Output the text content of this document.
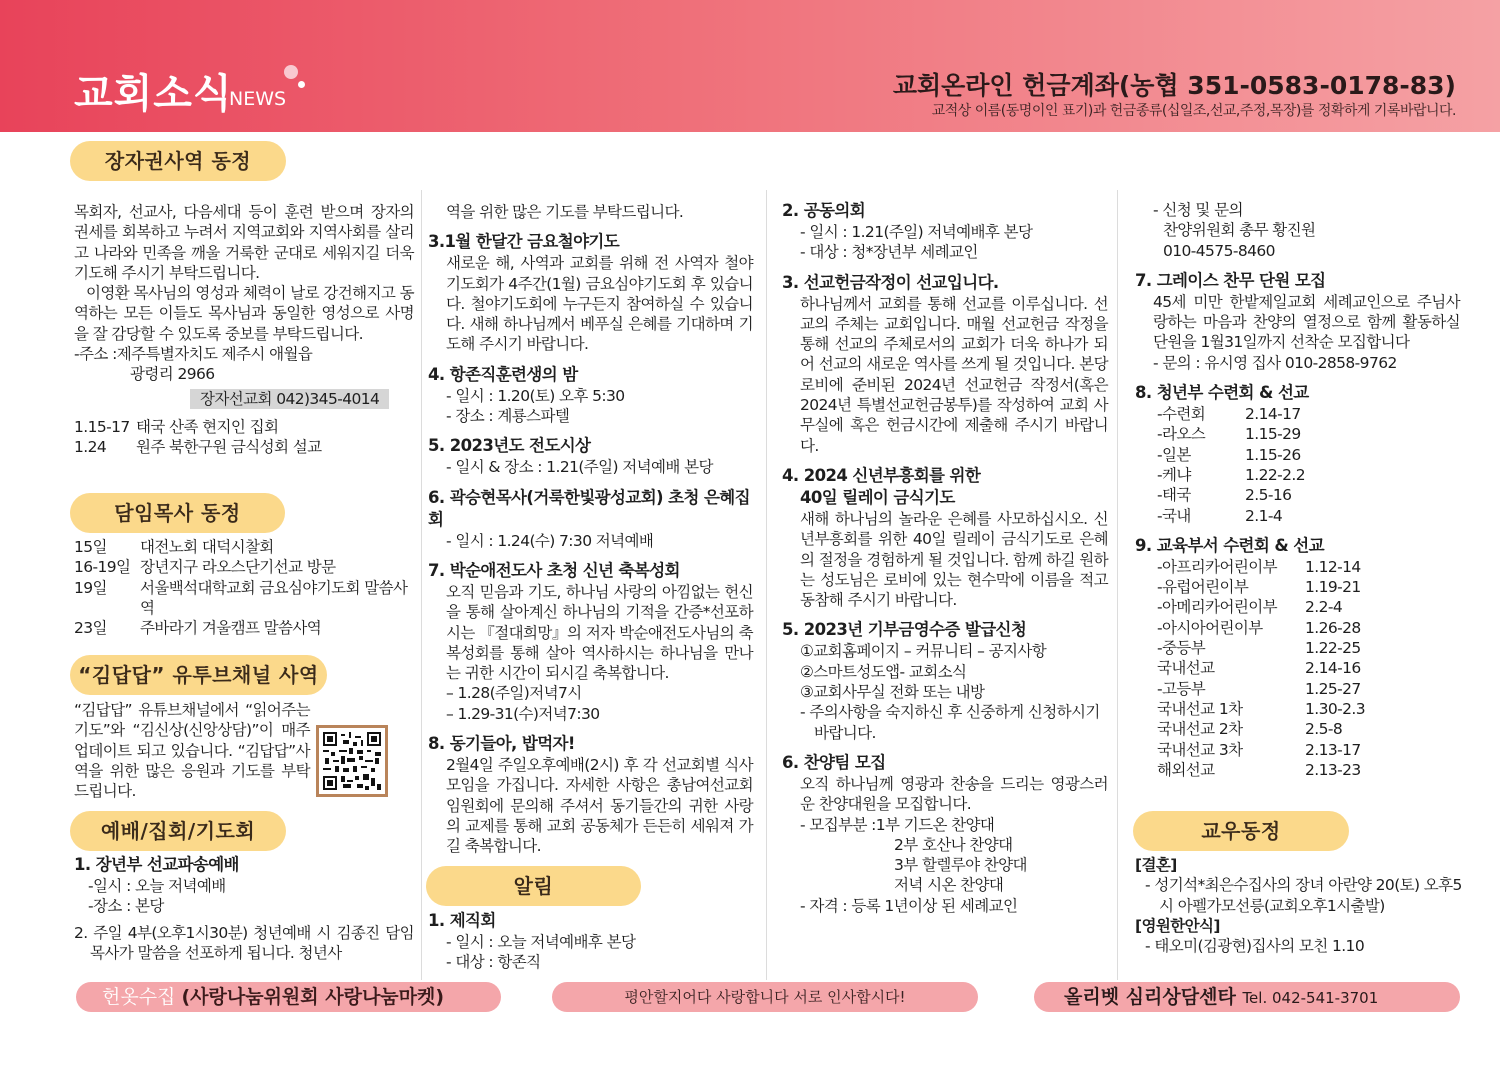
교회소식
NEWS	교회온라인 헌금계좌(농협 351-0583-0178-83)
교적상 이름(동명이인 표기)과 헌금종류(십일조,선교,주정,목장)를 정확하게 기록바랍니다.
장자권사역 동정
목회자, 선교사, 다음세대 등이 훈련 받으며 장자의 권세를 회복하고 누려서 지역교회와 지역사회를 살리고 나라와 민족을 깨울 거룩한 군대로 세워지길 더욱 기도해 주시기 부탁드립니다.
이영환 목사님의 영성과 체력이 날로 강건해지고 동역하는 모든 이들도 목사님과 동일한 영성으로 사명을 잘 감당할 수 있도록 중보를 부탁드립니다.
-주소 : 제주특별자치도 제주시 애월읍
광령리 2966
장자선교회 042)345-4014
1.15-17 태국 산족 현지인 집회
1.24	원주 북한구원 금식성회 설교
담임목사 동정
15일	대전노회 대덕시찰회
16-19일 장년지구 라오스단기선교 방문
19일	서울백석대학교회 금요심야기도회 말씀사역
23일	주바라기 겨울캠프 말씀사역
“김답답” 유투브채널 사역
“김답답” 유튜브채널에서 “읽어주는 기도”와 “김신상(신앙상담)”이 매주 업데이트 되고 있습니다. “김답답”사역을 위한 많은 응원과 기도를 부탁드립니다.
예배/집회/기도회
1. 장년부 선교파송예배
-일시 : 오늘 저녁예배
-장소 : 본당
2. 주일 4부(오후1시30분) 청년예배 시 김종진 담임목사가 말씀을 선포하게 됩니다. 청년사
역을 위한 많은 기도를 부탁드립니다.
3.1월 한달간 금요철야기도
새로운 해, 사역과 교회를 위해 전 사역자 철야기도회가 4주간(1월) 금요심야기도회 후 있습니다. 철야기도회에 누구든지 참여하실 수 있습니다. 새해 하나님께서 베푸실 은혜를 기대하며 기도해 주시기 바랍니다.
4. 항존직훈련생의 밤
- 일시 : 1.20(토) 오후 5:30
- 장소 : 계룡스파텔
5. 2023년도 전도시상
- 일시 & 장소 : 1.21(주일) 저녁예배 본당
6. 곽승현목사(거룩한빛광성교회) 초청 은혜집회
- 일시 : 1.24(수) 7:30 저녁예배
7. 박순애전도사 초청 신년 축복성회
오직 믿음과 기도, 하나님 사랑의 아낌없는 헌신을 통해 살아계신 하나님의 기적을 간증*선포하시는 『절대희망』의 저자 박순애전도사님의 축복성회를 통해 살아 역사하시는 하나님을 만나는 귀한 시간이 되시길 축복합니다.
– 1.28(주일)저녁7시
– 1.29-31(수)저녁7:30
8. 동기들아, 밥먹자!
2월4일 주일오후예배(2시) 후 각 선교회별 식사 모임을 가집니다. 자세한 사항은 총남여선교회 임원회에 문의해 주셔서 동기들간의 귀한 사랑의 교제를 통해 교회 공동체가 든든히 세워져 가길 축복합니다.
알림
1. 제직회
- 일시 : 오늘 저녁예배후 본당
- 대상 : 항존직
2. 공동의회
- 일시 : 1.21(주일) 저녁예배후 본당
- 대상 : 청*장년부 세례교인
3. 선교헌금작정이 선교입니다.
하나님께서 교회를 통해 선교를 이루십니다. 선교의 주체는 교회입니다. 매월 선교헌금 작정을 통해 선교의 주체로서의 교회가 더욱 하나가 되어 선교의 새로운 역사를 쓰게 될 것입니다. 본당 로비에 준비된 2024년 선교헌금 작정서(혹은 2024년 특별선교헌금봉투)를 작성하여 교회 사무실에 혹은 헌금시간에 제출해 주시기 바랍니다.
4. 2024 신년부흥회를 위한
40일 릴레이 금식기도
새해 하나님의 놀라운 은혜를 사모하십시오. 신년부흥회를 위한 40일 릴레이 금식기도로 은혜의 절정을 경험하게 될 것입니다. 함께 하길 원하는 성도님은 로비에 있는 현수막에 이름을 적고 동참해 주시기 바랍니다.
5. 2023년 기부금영수증 발급신청
①교회홈페이지 – 커뮤니티 – 공지사항
②스마트성도앱- 교회소식
③교회사무실 전화 또는 내방
- 주의사항을 숙지하신 후 신중하게 신청하시기 바랍니다.
6. 찬양팀 모집
오직 하나님께 영광과 찬송을 드리는 영광스러운 찬양대원을 모집합니다.
- 모집부분 : 1부 기드온 찬양대
2부 호산나 찬양대
3부 할렐루야 찬양대
저녁 시온 찬양대
- 자격 : 등록 1년이상 된 세례교인
- 신청 및 문의
찬양위원회 총무 황진원
010-4575-8460
7. 그레이스 찬무 단원 모집
45세 미만 한밭제일교회 세례교인으로 주님사랑하는 마음과 찬양의 열정으로 함께 활동하실 단원을 1월31일까지 선착순 모집합니다
- 문의 : 유시영 집사 010-2858-9762
8. 청년부 수련회 & 선교
-수련회	2.14-17
-라오스	1.15-29
-일본	1.15-26
-케냐	1.22-2.2
-태국	2.5-16
-국내	2.1-4
9. 교육부서 수련회 & 선교
-아프리카어린이부	1.12-14
-유럽어린이부	1.19-21
-아메리카어린이부	2.2-4
-아시아어린이부	1.26-28
-중등부	1.22-25
국내선교	2.14-16
-고등부	1.25-27
국내선교 1차	1.30-2.3
국내선교 2차	2.5-8
국내선교 3차	2.13-17
해외선교	2.13-23
교우동정
[결혼]
- 성기석*최은수집사의 장녀 아란양 20(토) 오후5시 아펠가모선릉(교회오후1시출발)
[영원한안식]
- 태오미(김광현)집사의 모친 1.10
헌옷수집 (사랑나눔위원회 사랑나눔마켓)	평안할지어다 사랑합니다 서로 인사합시다!	올리벳 심리상담센타 Tel. 042-541-3701
